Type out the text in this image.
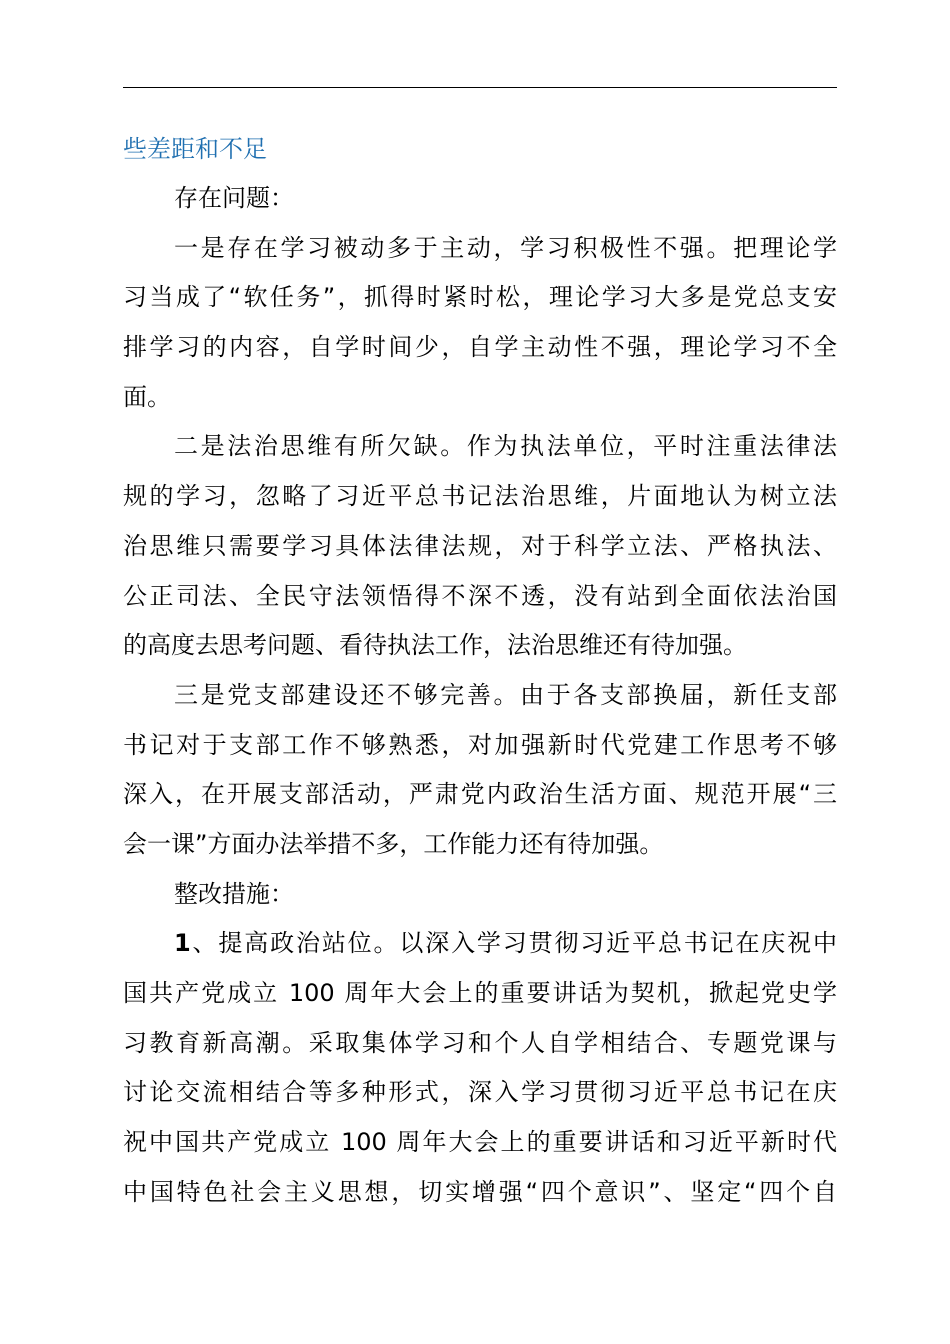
些差距和不足
存在问题：
一是存在学习被动多于主动，学习积极性不强。把理论学
习当成了“软任务”，抓得时紧时松，理论学习大多是党总支安
排学习的内容，自学时间少，自学主动性不强，理论学习不全
面。
二是法治思维有所欠缺。作为执法单位，平时注重法律法
规的学习，忽略了习近平总书记法治思维，片面地认为树立法
治思维只需要学习具体法律法规，对于科学立法、严格执法、
公正司法、全民守法领悟得不深不透，没有站到全面依法治国
的高度去思考问题、看待执法工作，法治思维还有待加强。
三是党支部建设还不够完善。由于各支部换届，新任支部
书记对于支部工作不够熟悉，对加强新时代党建工作思考不够
深入，在开展支部活动，严肃党内政治生活方面、规范开展“三
会一课”方面办法举措不多，工作能力还有待加强。
整改措施：
1、提高政治站位。以深入学习贯彻习近平总书记在庆祝中
国共产党成立 100 周年大会上的重要讲话为契机，掀起党史学
习教育新高潮。采取集体学习和个人自学相结合、专题党课与
讨论交流相结合等多种形式，深入学习贯彻习近平总书记在庆
祝中国共产党成立 100 周年大会上的重要讲话和习近平新时代
中国特色社会主义思想，切实增强“四个意识”、坚定“四个自
